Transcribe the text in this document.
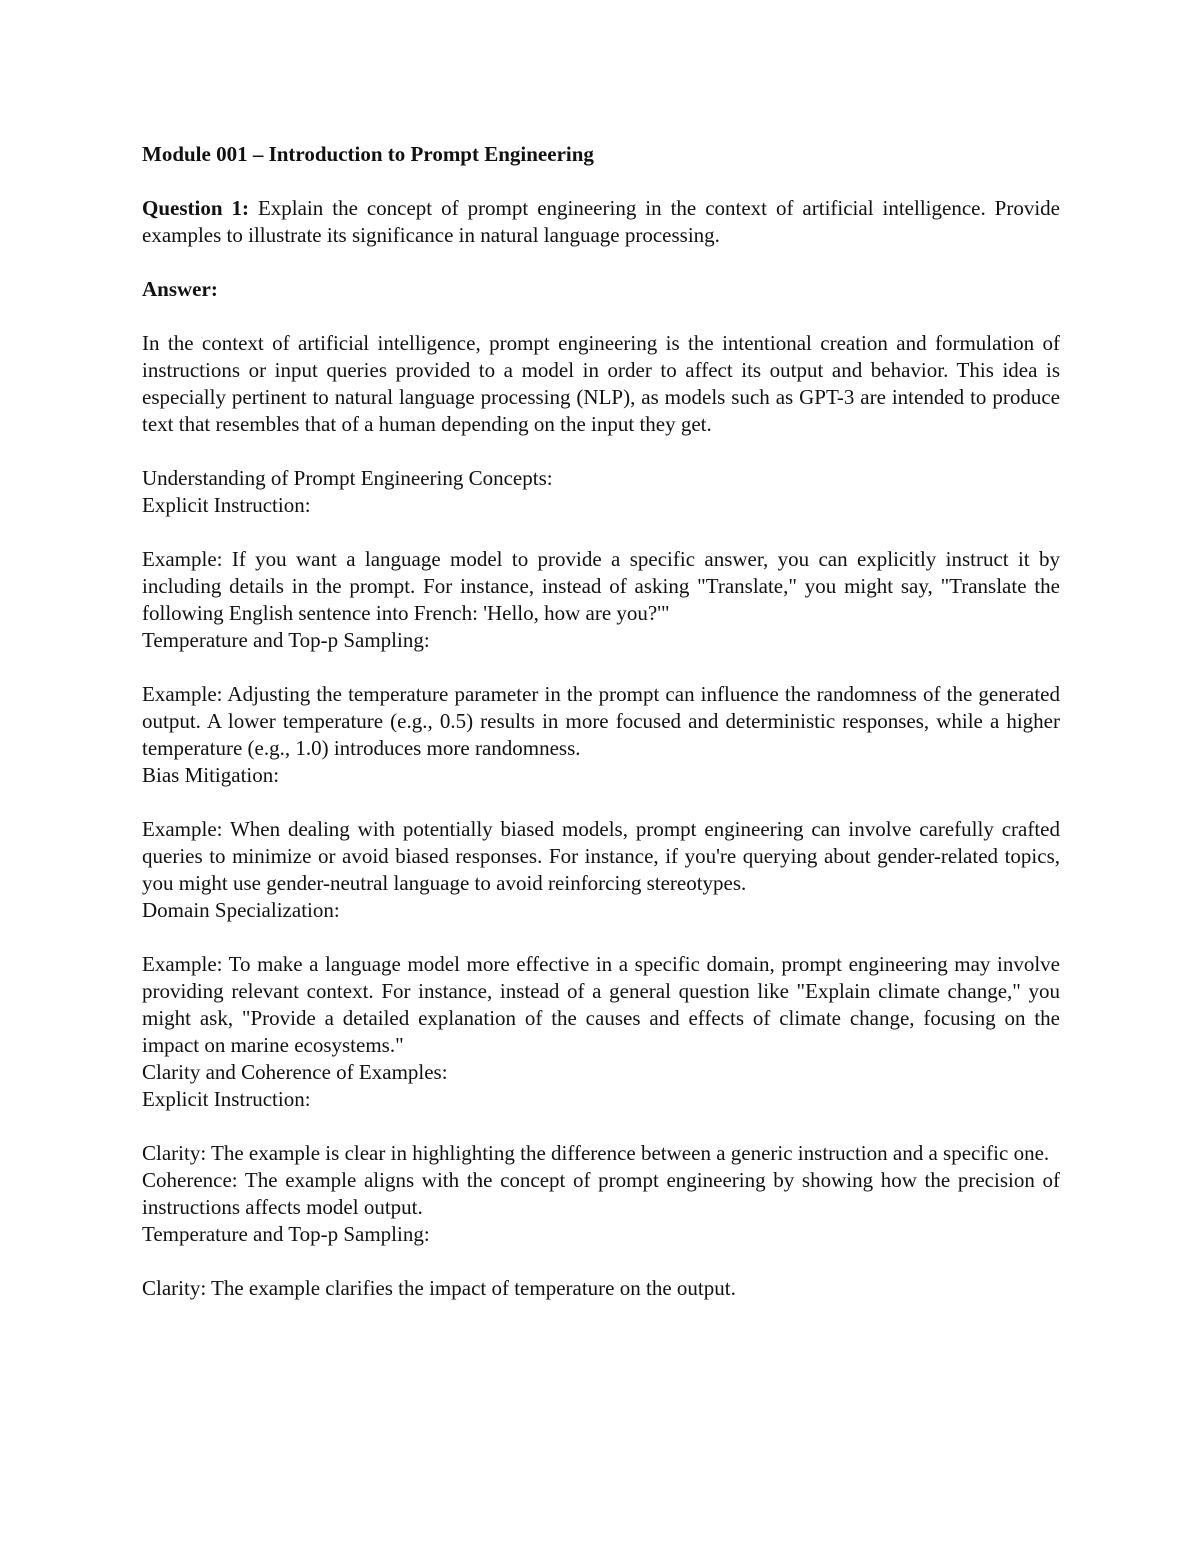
Module 001 – Introduction to Prompt Engineering

Question 1: Explain the concept of prompt engineering in the context of artificial intelligence. Provide examples to illustrate its significance in natural language processing.

Answer:

In the context of artificial intelligence, prompt engineering is the intentional creation and formulation of instructions or input queries provided to a model in order to affect its output and behavior. This idea is especially pertinent to natural language processing (NLP), as models such as GPT-3 are intended to produce text that resembles that of a human depending on the input they get.

Understanding of Prompt Engineering Concepts:

Explicit Instruction:

Example: If you want a language model to provide a specific answer, you can explicitly instruct it by including details in the prompt. For instance, instead of asking "Translate," you might say, "Translate the following English sentence into French: 'Hello, how are you?'"

Temperature and Top-p Sampling:

Example: Adjusting the temperature parameter in the prompt can influence the randomness of the generated output. A lower temperature (e.g., 0.5) results in more focused and deterministic responses, while a higher temperature (e.g., 1.0) introduces more randomness.

Bias Mitigation:

Example: When dealing with potentially biased models, prompt engineering can involve carefully crafted queries to minimize or avoid biased responses. For instance, if you're querying about gender-related topics, you might use gender-neutral language to avoid reinforcing stereotypes.

Domain Specialization:

Example: To make a language model more effective in a specific domain, prompt engineering may involve providing relevant context. For instance, instead of a general question like "Explain climate change," you might ask, "Provide a detailed explanation of the causes and effects of climate change, focusing on the impact on marine ecosystems."

Clarity and Coherence of Examples:

Explicit Instruction:

Clarity: The example is clear in highlighting the difference between a generic instruction and a specific one.

Coherence: The example aligns with the concept of prompt engineering by showing how the precision of instructions affects model output.

Temperature and Top-p Sampling:

Clarity: The example clarifies the impact of temperature on the output.
